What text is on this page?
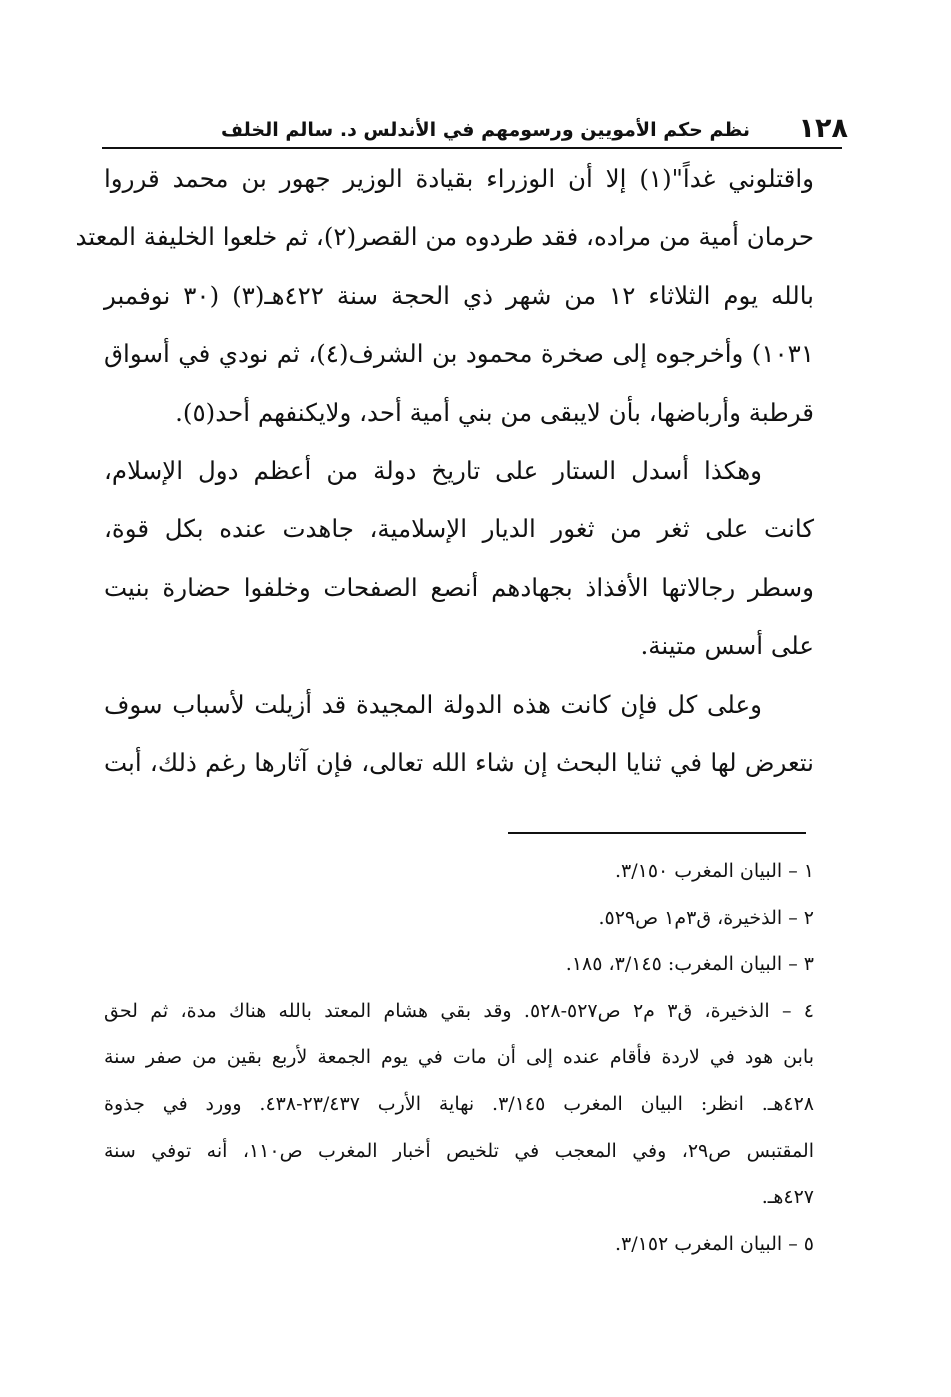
١٢٨
نظم حكم الأمويين ورسومهم في الأندلس د. سالم الخلف
واقتلوني غداً"(١) إلا أن الوزراء بقيادة الوزير جهور بن محمد قرروا
حرمان أمية من مراده، فقد طردوه من القصر(٢)، ثم خلعوا الخليفة المعتد
بالله يوم الثلاثاء ١٢ من شهر ذي الحجة سنة ٤٢٢هـ(٣) (٣٠ نوفمبر
١٠٣١) وأخرجوه إلى صخرة محمود بن الشرف(٤)، ثم نودي في أسواق
قرطبة وأرباضها، بأن لايبقى من بني أمية أحد، ولايكنفهم أحد(٥).
وهكذا أسدل الستار على تاريخ دولة من أعظم دول الإسلام،
كانت على ثغر من ثغور الديار الإسلامية، جاهدت عنده بكل قوة،
وسطر رجالاتها الأفذاذ بجهادهم أنصع الصفحات وخلفوا حضارة بنيت
على أسس متينة.
وعلى كل فإن كانت هذه الدولة المجيدة قد أزيلت لأسباب سوف
نتعرض لها في ثنايا البحث إن شاء الله تعالى، فإن آثارها رغم ذلك، أبت
١ – البيان المغرب ٣/١٥٠.
٢ – الذخيرة، ق٣م١ ص٥٢٩.
٣ – البيان المغرب: ٣/١٤٥، ١٨٥.
٤ – الذخيرة، ق٣ م٢ ص٥٢٧-٥٢٨. وقد بقي هشام المعتد بالله هناك مدة، ثم لحق
بابن هود في لاردة فأقام عنده إلى أن مات في يوم الجمعة لأربع بقين من صفر سنة
٤٢٨هـ. انظر: البيان المغرب ٣/١٤٥. نهاية الأرب ٢٣/٤٣٧-٤٣٨. وورد في جذوة
المقتبس ص٢٩، وفي المعجب في تلخيص أخبار المغرب ص١١٠، أنه توفي سنة
٤٢٧هـ.
٥ – البيان المغرب ٣/١٥٢.
